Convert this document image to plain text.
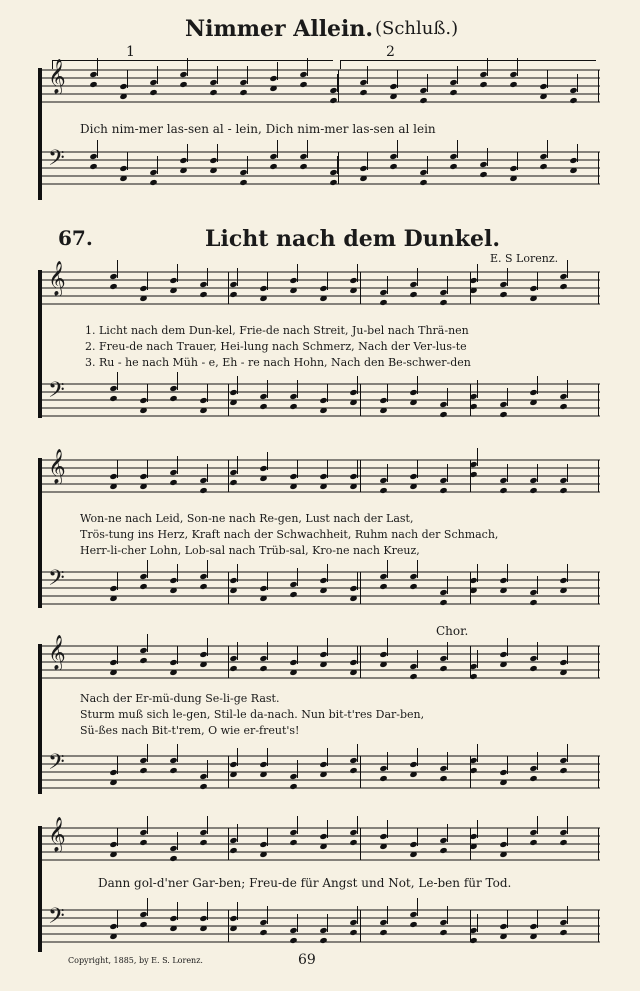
Nimmer Allein. (Schluß.)
1	2
𝄞
Dich nim-mer las-sen al - lein, Dich nim-mer las-sen al lein
𝄢
67.	Licht nach dem Dunkel.
E. S Lorenz.
𝄞
1. Licht nach dem Dun-kel, Frie-de nach Streit, Ju-bel nach Thrä-nen
2. Freu-de nach Trauer, Hei-lung nach Schmerz, Nach der Ver-lus-te
3. Ru - he nach Müh - e, Eh - re nach Hohn, Nach den Be-schwer-den
𝄢
𝄞
Won-ne nach Leid, Son-ne nach Re-gen, Lust nach der Last,
Trös-tung ins Herz, Kraft nach der Schwachheit, Ruhm nach der Schmach,
Herr-li-cher Lohn, Lob-sal nach Trüb-sal, Kro-ne nach Kreuz,
𝄢
Chor.
𝄞
Nach der Er-mü-dung Se-li-ge Rast.
Sturm muß sich le-gen, Stil-le da-nach. Nun bit-t'res Dar-ben,
Sü-ßes nach Bit-t'rem, O wie er-freut's!
𝄢
𝄞
Dann gol-d'ner Gar-ben; Freu-de für Angst und Not, Le-ben für Tod.
𝄢
Copyright, 1885, by E. S. Lorenz.	69
